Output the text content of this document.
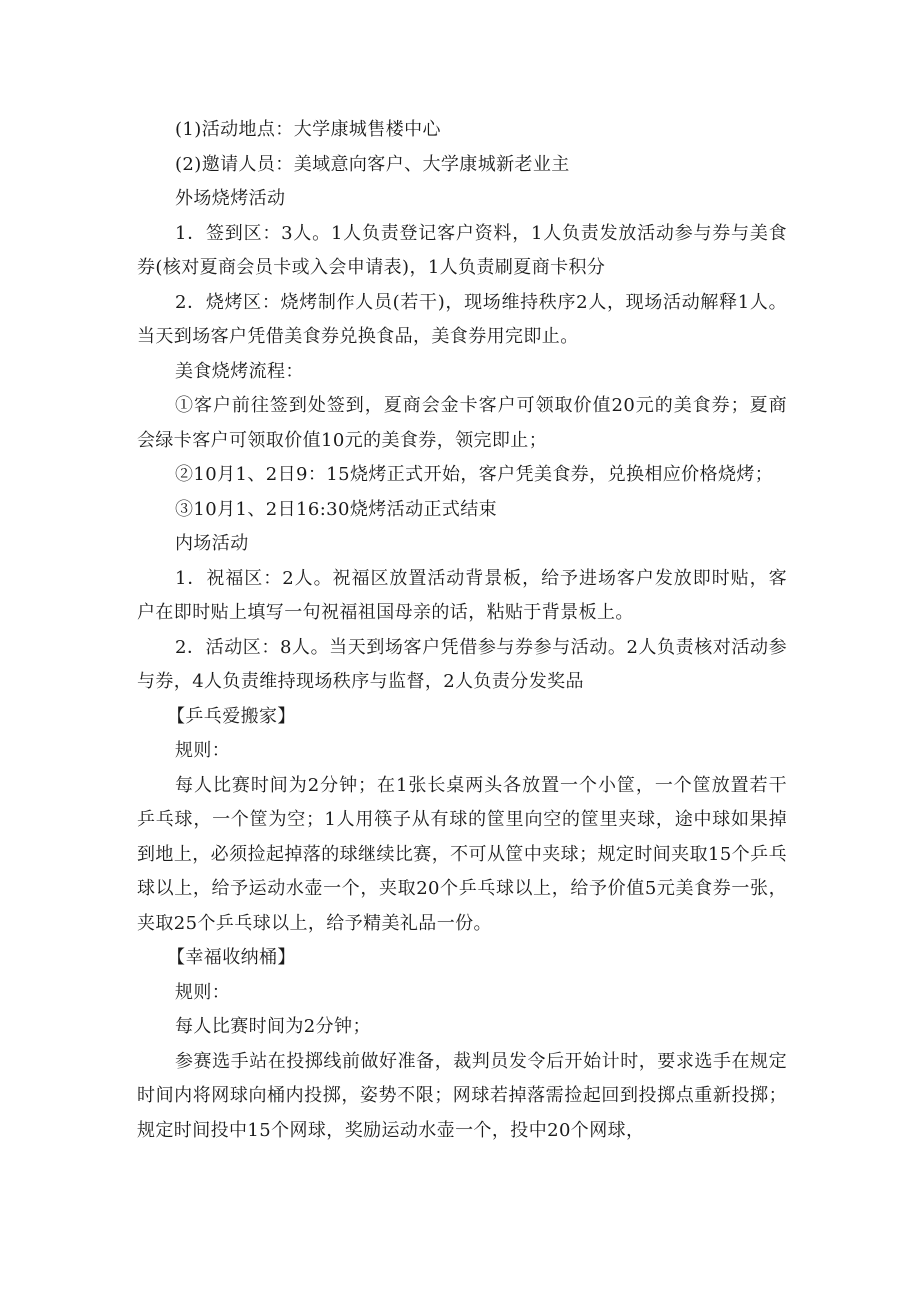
(1)活动地点：大学康城售楼中心

(2)邀请人员：美域意向客户、大学康城新老业主

外场烧烤活动

1．签到区：3人。1人负责登记客户资料，1人负责发放活动参与券与美食券(核对夏商会员卡或入会申请表)，1人负责刷夏商卡积分

2．烧烤区：烧烤制作人员(若干)，现场维持秩序2人，现场活动解释1人。当天到场客户凭借美食券兑换食品，美食券用完即止。

美食烧烤流程：

①客户前往签到处签到，夏商会金卡客户可领取价值20元的美食券；夏商会绿卡客户可领取价值10元的美食券，领完即止；

②10月1、2日9：15烧烤正式开始，客户凭美食券，兑换相应价格烧烤；

③10月1、2日16:30烧烤活动正式结束

内场活动

1．祝福区：2人。祝福区放置活动背景板，给予进场客户发放即时贴，客户在即时贴上填写一句祝福祖国母亲的话，粘贴于背景板上。

2．活动区：8人。当天到场客户凭借参与券参与活动。2人负责核对活动参与券，4人负责维持现场秩序与监督，2人负责分发奖品

【乒乓爱搬家】

规则：

每人比赛时间为2分钟；在1张长桌两头各放置一个小筐，一个筐放置若干乒乓球，一个筐为空；1人用筷子从有球的筐里向空的筐里夹球，途中球如果掉到地上，必须捡起掉落的球继续比赛，不可从筐中夹球；规定时间夹取15个乒乓球以上，给予运动水壶一个，夹取20个乒乓球以上，给予价值5元美食券一张，夹取25个乒乓球以上，给予精美礼品一份。

【幸福收纳桶】

规则：

每人比赛时间为2分钟；

参赛选手站在投掷线前做好准备，裁判员发令后开始计时，要求选手在规定时间内将网球向桶内投掷，姿势不限；网球若掉落需捡起回到投掷点重新投掷；规定时间投中15个网球，奖励运动水壶一个，投中20个网球，
